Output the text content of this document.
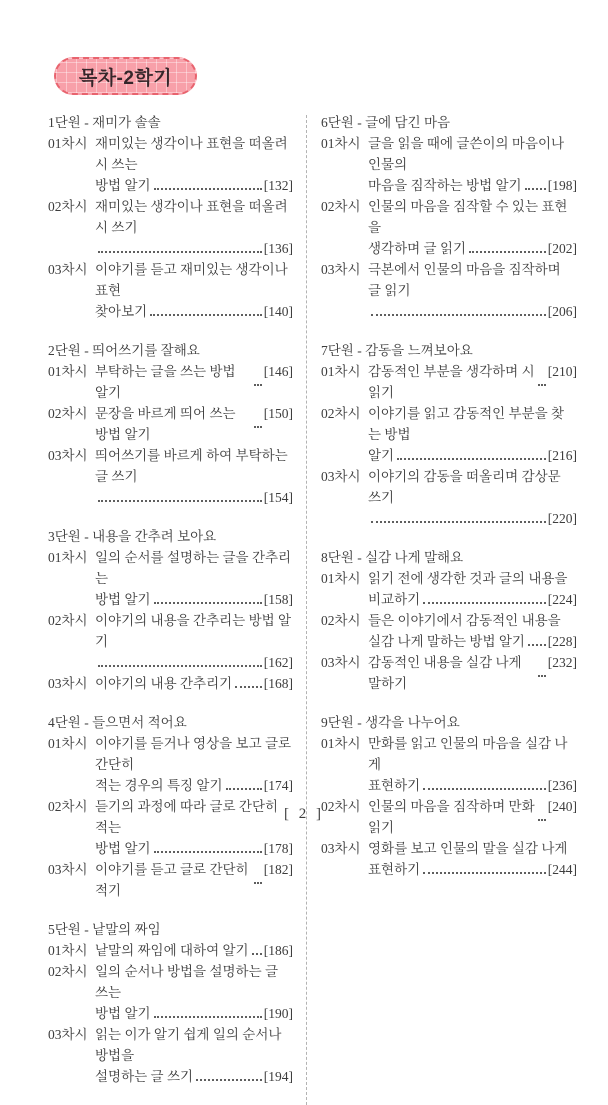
목차-2학기
1단원 - 재미가 솔솔
01차시 재미있는 생각이나 표현을 떠올려 시 쓰는
방법 알기	[132]
02차시 재미있는 생각이나 표현을 떠올려 시 쓰기
[136]
03차시 이야기를 듣고 재미있는 생각이나 표현
찾아보기	[140]
2단원 - 띄어쓰기를 잘해요
01차시 부탁하는 글을 쓰는 방법 알기
[146]
02차시 문장을 바르게 띄어 쓰는 방법 알기
[150]
03차시 띄어쓰기를 바르게 하여 부탁하는 글 쓰기
[154]
3단원 - 내용을 간추려 보아요
01차시 일의 순서를 설명하는 글을 간추리는
방법 알기	[158]
02차시 이야기의 내용을 간추리는 방법 알기
[162]
03차시 이야기의 내용 간추리기 [168]
4단원 - 들으면서 적어요
01차시 이야기를 듣거나 영상을 보고 글로 간단히
적는 경우의 특징 알기	[174]
02차시 듣기의 과정에 따라 글로 간단히 적는
방법 알기	[178]
03차시 이야기를 듣고 글로 간단히 적기
[182]
5단원 - 낱말의 짜임
01차시 낱말의 짜임에 대하여 알기 [186]
02차시 일의 순서나 방법을 설명하는 글 쓰는
방법 알기	[190]
03차시 읽는 이가 알기 쉽게 일의 순서나 방법을
설명하는 글 쓰기	[194]
6단원 - 글에 담긴 마음
01차시 글을 읽을 때에 글쓴이의 마음이나 인물의
마음을 짐작하는 방법 알기 [198]
02차시 인물의 마음을 짐작할 수 있는 표현을
생각하며 글 읽기	[202]
03차시 극본에서 인물의 마음을 짐작하며 글 읽기
[206]
7단원 - 감동을 느껴보아요
01차시 감동적인 부분을 생각하며 시 읽기
[210]
02차시 이야기를 읽고 감동적인 부분을 찾는 방법
알기	[216]
03차시 이야기의 감동을 떠올리며 감상문 쓰기
[220]
8단원 - 실감 나게 말해요
01차시 읽기 전에 생각한 것과 글의 내용을
비교하기	[224]
02차시 들은 이야기에서 감동적인 내용을
실감 나게 말하는 방법 알기 [228]
03차시 감동적인 내용을 실감 나게 말하기
[232]
9단원 - 생각을 나누어요
01차시 만화를 읽고 인물의 마음을 실감 나게
표현하기	[236]
02차시 인물의 마음을 짐작하며 만화 읽기
[240]
03차시 영화를 보고 인물의 말을 실감 나게
표현하기	[244]
[ 2 ]
